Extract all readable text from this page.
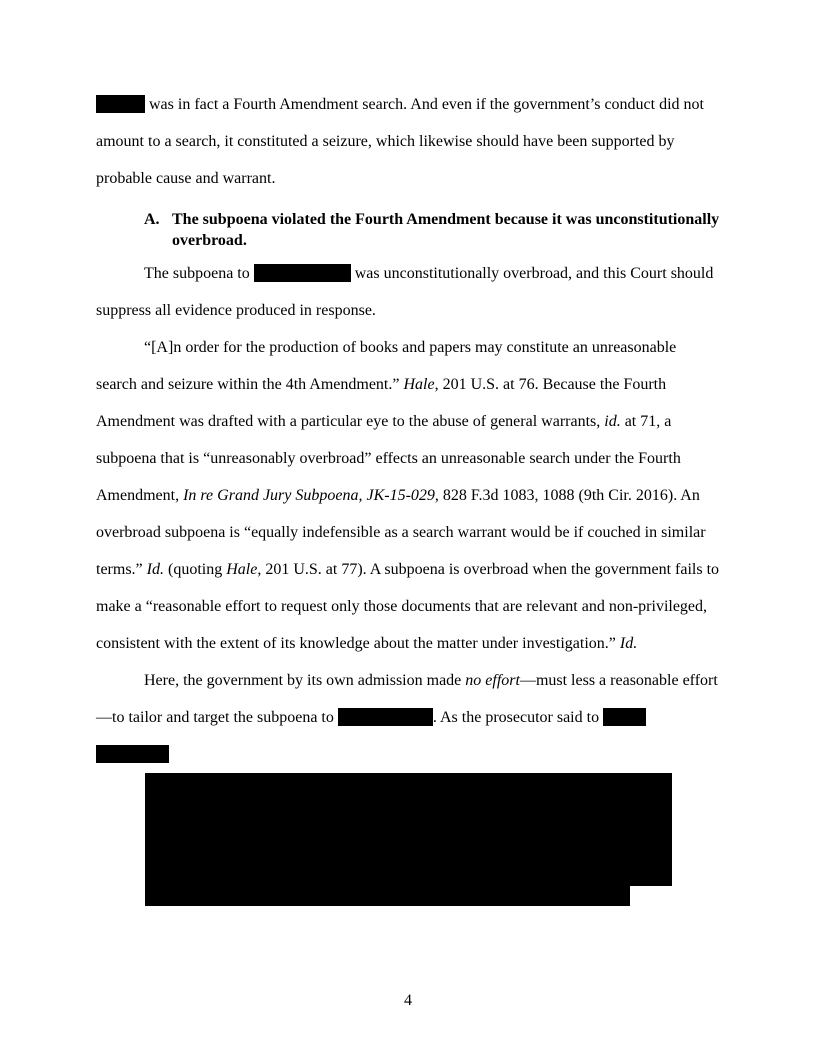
was in fact a Fourth Amendment search. And even if the government’s conduct did not amount to a search, it constituted a seizure, which likewise should have been supported by probable cause and warrant.

A. The subpoena violated the Fourth Amendment because it was unconstitutionally overbroad.

The subpoena to	was unconstitutionally overbroad, and this Court should suppress all evidence produced in response.

“[A]n order for the production of books and papers may constitute an unreasonable search and seizure within the 4th Amendment.” Hale, 201 U.S. at 76. Because the Fourth Amendment was drafted with a particular eye to the abuse of general warrants, id. at 71, a subpoena that is “unreasonably overbroad” effects an unreasonable search under the Fourth Amendment, In re Grand Jury Subpoena, JK-15-029, 828 F.3d 1083, 1088 (9th Cir. 2016). An overbroad subpoena is “equally indefensible as a search warrant would be if couched in similar terms.” Id. (quoting Hale, 201 U.S. at 77). A subpoena is overbroad when the government fails to make a “reasonable effort to request only those documents that are relevant and non-privileged, consistent with the extent of its knowledge about the matter under investigation.” Id.

Here, the government by its own admission made no effort—must less a reasonable effort—to tailor and target the subpoena to	. As the prosecutor said to

4
